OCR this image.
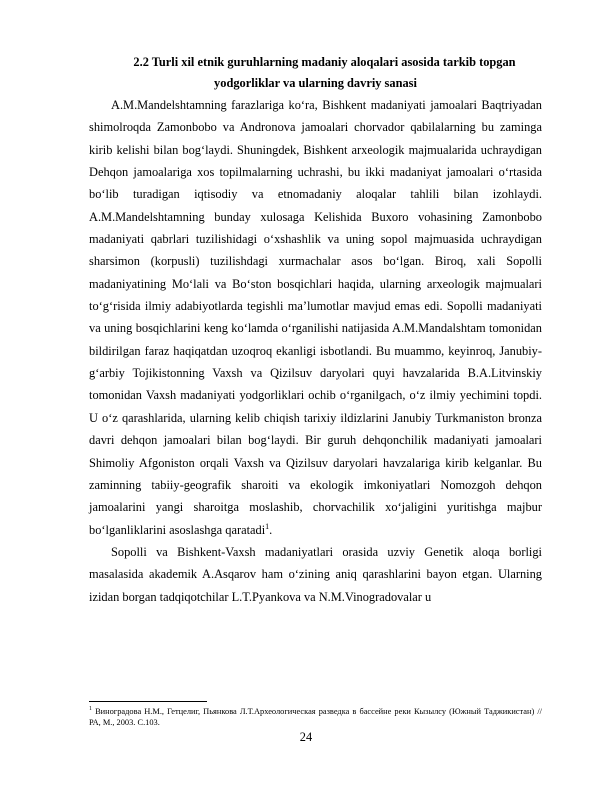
2.2 Turli xil etnik guruhlarning madaniy aloqalari asosida tarkib topgan
yodgorliklar va ularning davriy sanasi

A.M.Mandelshtamning farazlariga ko‘ra, Bishkent madaniyati jamoalari Baqtriyadan shimolroqda Zamonbobo va Andronova jamoalari chorvador qabilalarning bu zaminga kirib kelishi bilan bog‘laydi. Shuningdek, Bishkent arxeologik majmualarida uchraydigan Dehqon jamoalariga xos topilmalarning uchrashi, bu ikki madaniyat jamoalari o‘rtasida bo‘lib turadigan iqtisodiy va etnomadaniy aloqalar tahlili bilan izohlaydi. A.M.Mandelshtamning bunday xulosaga Kelishida Buxoro vohasining Zamonbobo madaniyati qabrlari tuzilishidagi o‘xshashlik va uning sopol majmuasida uchraydigan sharsimon (korpusli) tuzilishdagi xurmachalar asos bo‘lgan. Biroq, xali Sopolli madaniyatining Mo‘lali va Bo‘ston bosqichlari haqida, ularning arxeologik majmualari to‘g‘risida ilmiy adabiyotlarda tegishli ma’lumotlar mavjud emas edi. Sopolli madaniyati va uning bosqichlarini keng ko‘lamda o‘rganilishi natijasida A.M.Mandalshtam tomonidan bildirilgan faraz haqiqatdan uzoqroq ekanligi isbotlandi. Bu muammo, keyinroq, Janubiy-g‘arbiy Tojikistonning Vaxsh va Qizilsuv daryolari quyi havzalarida B.A.Litvinskiy tomonidan Vaxsh madaniyati yodgorliklari ochib o‘rganilgach, o‘z ilmiy yechimini topdi. U o‘z qarashlarida, ularning kelib chiqish tarixiy ildizlarini Janubiy Turkmaniston bronza davri dehqon jamoalari bilan bog‘laydi. Bir guruh dehqonchilik madaniyati jamoalari Shimoliy Afgoniston orqali Vaxsh va Qizilsuv daryolari havzalariga kirib kelganlar. Bu zaminning tabiiy-geografik sharoiti va ekologik imkoniyatlari Nomozgoh dehqon jamoalarini yangi sharoitga moslashib, chorvachilik xo‘jaligini yuritishga majbur bo‘lganliklarini asoslashga qaratadi$^1$.

Sopolli va Bishkent-Vaxsh madaniyatlari orasida uzviy Genetik aloqa borligi masalasida akademik A.Asqarov ham o‘zining aniq qarashlarini bayon etgan. Ularning izidan borgan tadqiqotchilar L.T.Pyankova va N.M.Vinogradovalar u

$^1$ Виноградова Н.М., Гетцелиг, Пьянкова Л.Т.Археологическая разведка в бассейне реки Кызылсу (Южный Таджикистан) // РА, М., 2003. С.103.

24
